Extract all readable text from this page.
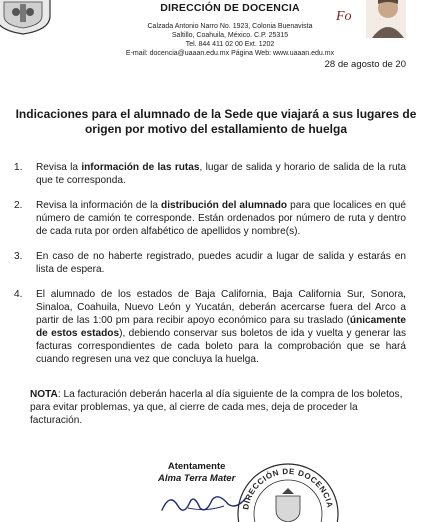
DIRECCIÓN DE DOCENCIA
Calzada Antonio Narro No. 1923, Colonia Buenavista
Saltillo, Coahuila, México. C.P. 25315
Tel. 844 411 02 00 Ext. 1202
E-mail: docencia@uaaan.edu.mx Página Web: www.uaaan.edu.mx
Fo
28 de agosto de 20
Indicaciones para el alumnado de la Sede que viajará a sus lugares de
origen por motivo del estallamiento de huelga
1. Revisa la información de las rutas, lugar de salida y horario de salida de la ruta que te corresponda.
2. Revisa la información de la distribución del alumnado para que localices en qué número de camión te corresponde. Están ordenados por número de ruta y dentro de cada ruta por orden alfabético de apellidos y nombre(s).
3. En caso de no haberte registrado, puedes acudir a lugar de salida y estarás en lista de espera.
4. El alumnado de los estados de Baja California, Baja California Sur, Sonora, Sinaloa, Coahuila, Nuevo León y Yucatán, deberán acercarse fuera del Arco a partir de las 1:00 pm para recibir apoyo económico para su traslado (únicamente de estos estados), debiendo conservar sus boletos de ida y vuelta y generar las facturas correspondientes de cada boleto para la comprobación que se hará cuando regresen una vez que concluya la huelga.
NOTA: La facturación deberán hacerla al día siguiente de la compra de los boletos, para evitar problemas, ya que, al cierre de cada mes, deja de proceder la facturación.
Atentamente
Alma Terra Mater
DIRECCIÓN DE DOCENCIA
